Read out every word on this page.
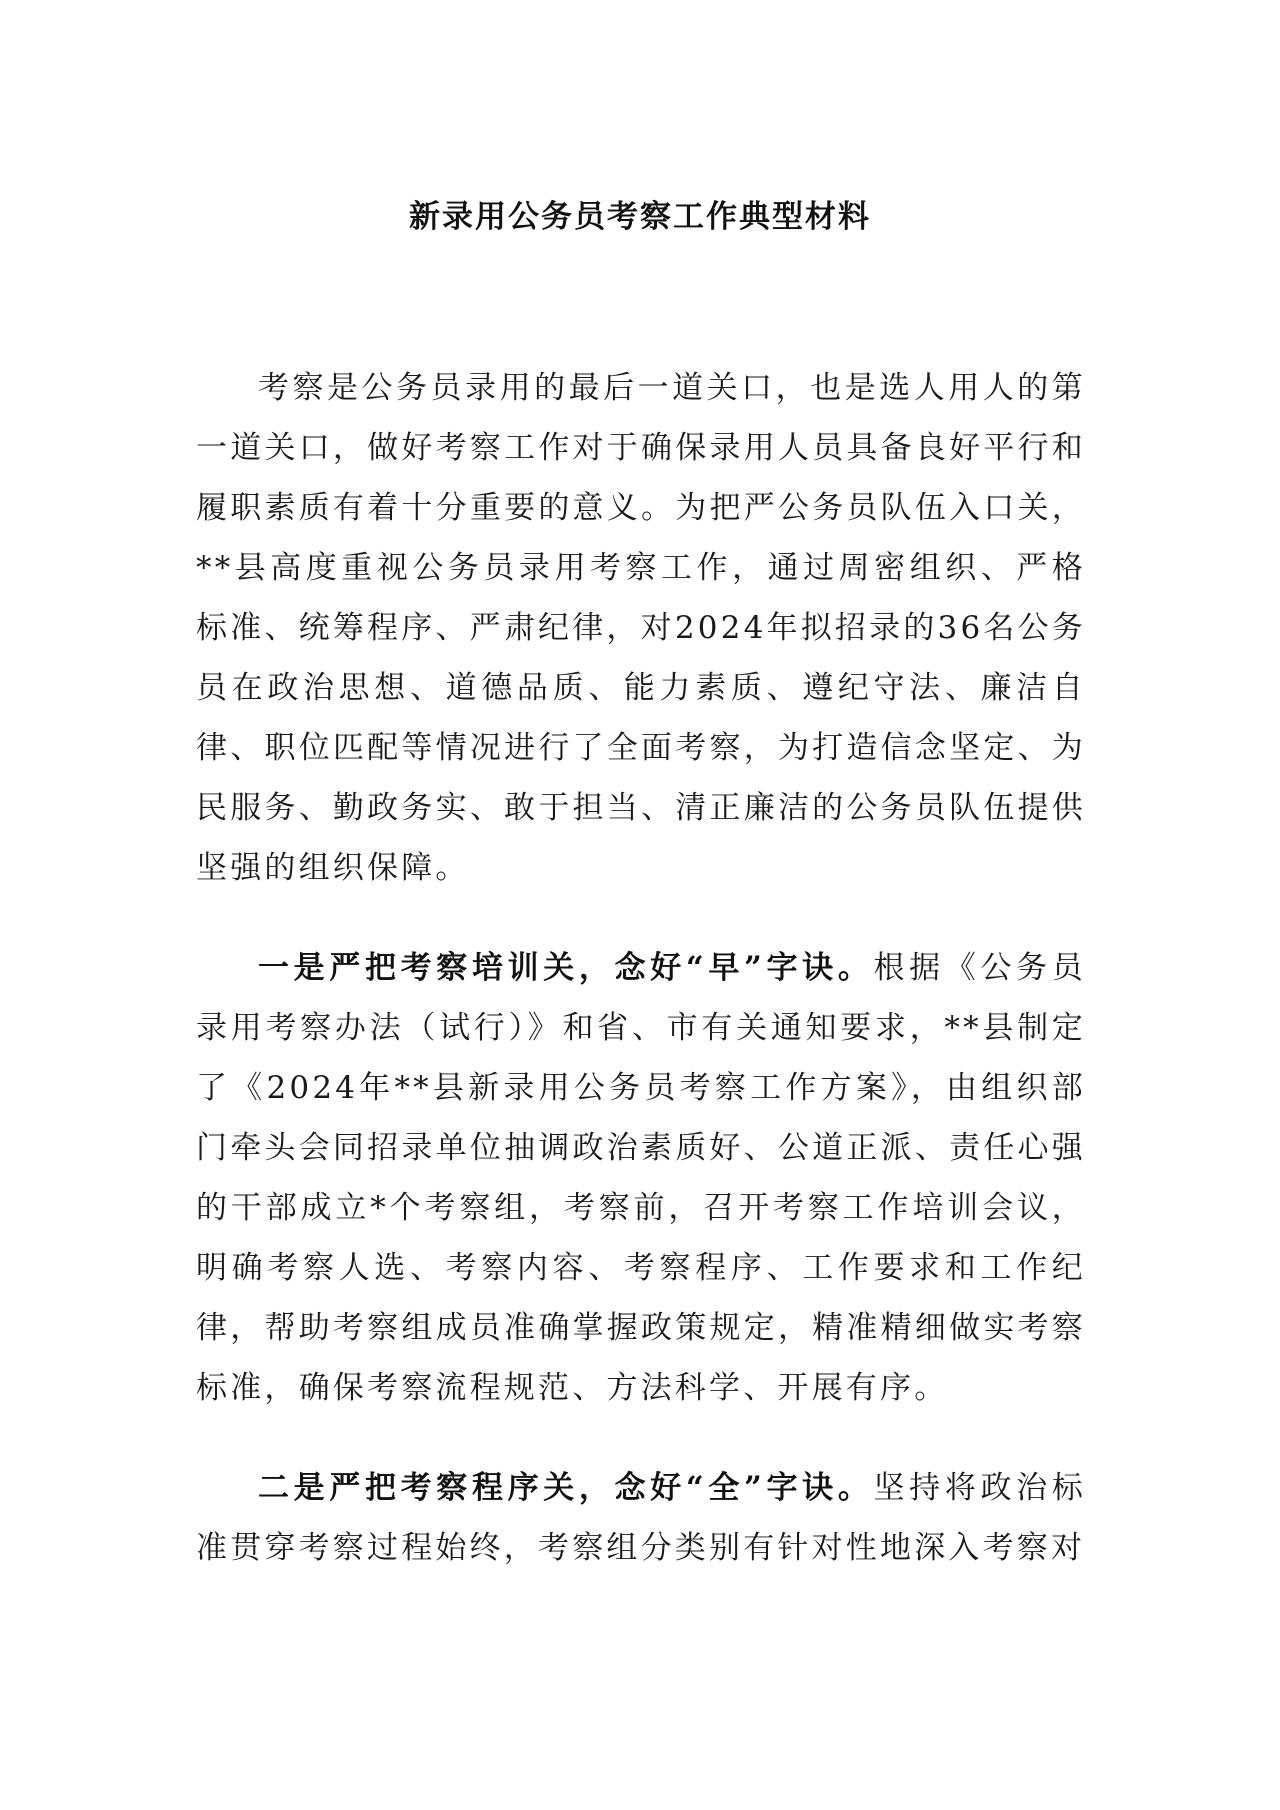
新录用公务员考察工作典型材料

考察是公务员录用的最后一道关口，也是选人用人的第一道关口，做好考察工作对于确保录用人员具备良好平行和履职素质有着十分重要的意义。为把严公务员队伍入口关，**县高度重视公务员录用考察工作，通过周密组织、严格标准、统筹程序、严肃纪律，对2024年拟招录的36名公务员在政治思想、道德品质、能力素质、遵纪守法、廉洁自律、职位匹配等情况进行了全面考察，为打造信念坚定、为民服务、勤政务实、敢于担当、清正廉洁的公务员队伍提供坚强的组织保障。

一是严把考察培训关，念好“早”字诀。根据《公务员录用考察办法（试行）》和省、市有关通知要求，**县制定了《2024年**县新录用公务员考察工作方案》，由组织部门牵头会同招录单位抽调政治素质好、公道正派、责任心强的干部成立*个考察组，考察前，召开考察工作培训会议，明确考察人选、考察内容、考察程序、工作要求和工作纪律，帮助考察组成员准确掌握政策规定，精准精细做实考察标准，确保考察流程规范、方法科学、开展有序。

二是严把考察程序关，念好“全”字诀。坚持将政治标准贯穿考察过程始终，考察组分类别有针对性地深入考察对
